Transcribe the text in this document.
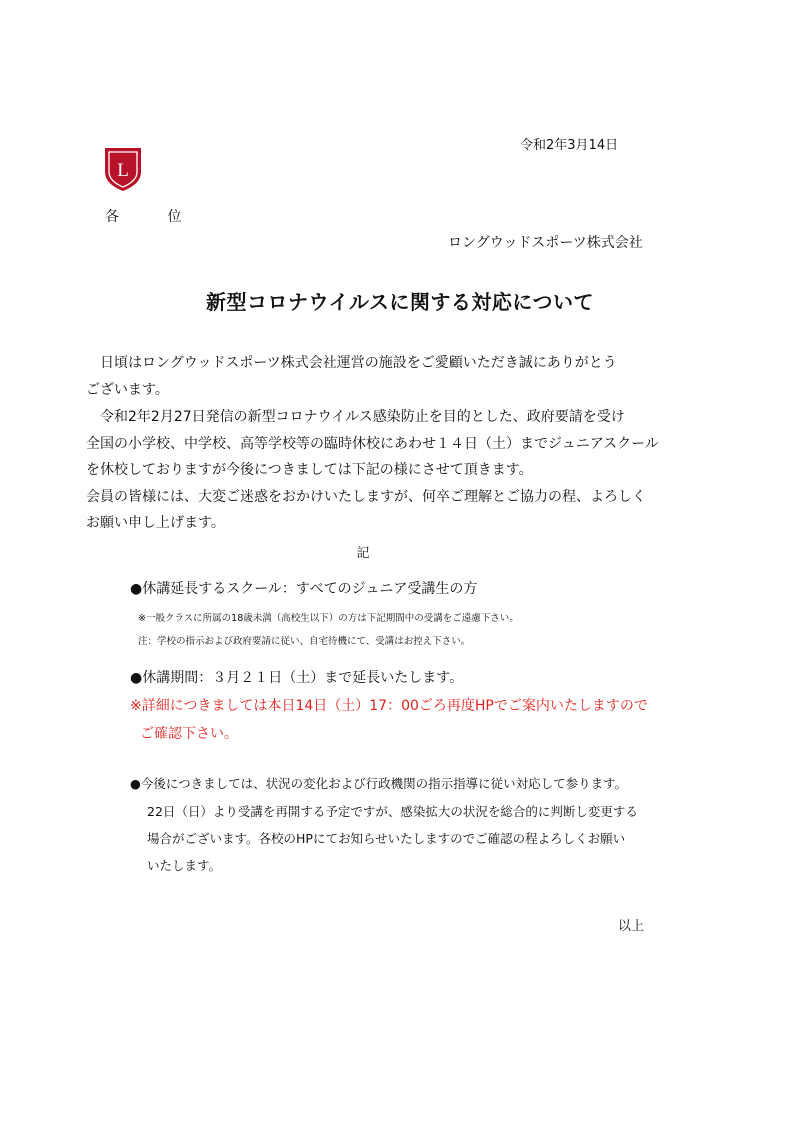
L
令和2年3月14日
各 位
ロングウッドスポーツ株式会社
新型コロナウイルスに関する対応について
　日頃はロングウッドスポーツ株式会社運営の施設をご愛顧いただき誠にありがとう
ございます。
　令和2年2月27日発信の新型コロナウイルス感染防止を目的とした、政府要請を受け
全国の小学校、中学校、高等学校等の臨時休校にあわせ１４日（土）までジュニアスクール
を休校しておりますが今後につきましては下記の様にさせて頂きます。
会員の皆様には、大変ご迷惑をおかけいたしますが、何卒ご理解とご協力の程、よろしく
お願い申し上げます。
記
●休講延長するスクール：すべてのジュニア受講生の方
※一般クラスに所属の18歳未満（高校生以下）の方は下記期間中の受講をご遠慮下さい。
注：学校の指示および政府要請に従い、自宅待機にて、受講はお控え下さい。
●休講期間：３月２１日（土）まで延長いたします。
※詳細につきましては本日14日（土）17：00ごろ再度HPでご案内いたしますので
ご確認下さい。
●今後につきましては、状況の変化および行政機関の指示指導に従い対応して参ります。
22日（日）より受講を再開する予定ですが、感染拡大の状況を総合的に判断し変更する
場合がございます。各校のHPにてお知らせいたしますのでご確認の程よろしくお願い
いたします。
以上
